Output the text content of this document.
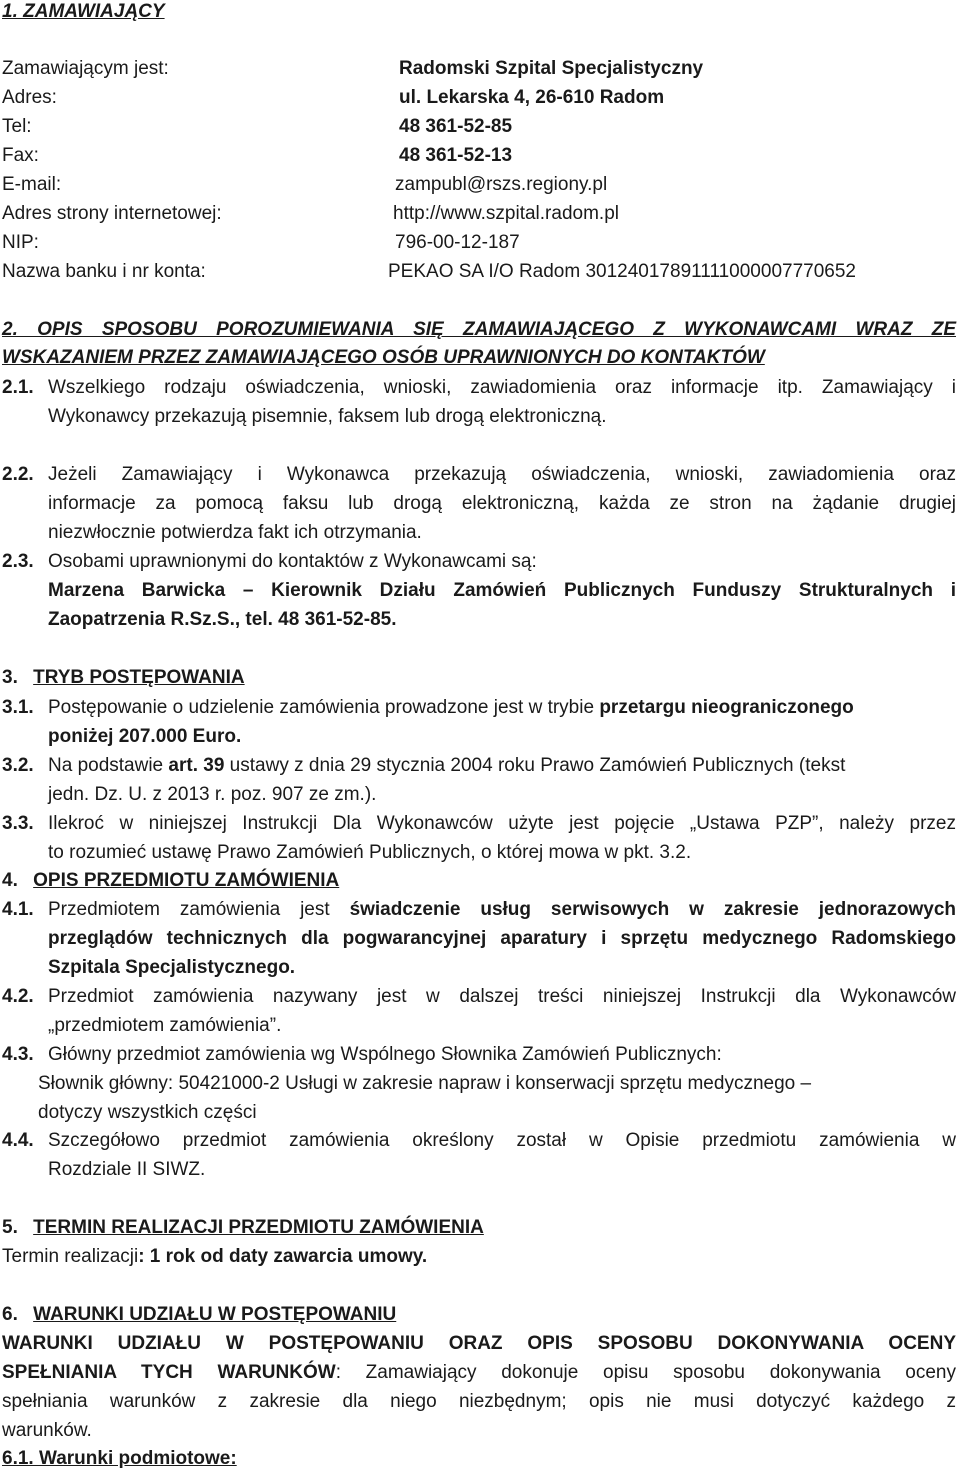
1. ZAMAWIAJĄCY
Zamawiającym jest:	Radomski Szpital Specjalistyczny
Adres:	ul. Lekarska 4, 26-610 Radom
Tel:	48 361-52-85
Fax:	48 361-52-13
E-mail:	zampubl@rszs.regiony.pl
Adres strony internetowej:	http://www.szpital.radom.pl
NIP:	796-00-12-187
Nazwa banku i nr konta:	PEKAO SA I/O Radom 30124017891111000007770652
2. OPIS SPOSOBU POROZUMIEWANIA SIĘ ZAMAWIAJĄCEGO Z WYKONAWCAMI WRAZ ZE
WSKAZANIEM PRZEZ ZAMAWIAJĄCEGO OSÓB UPRAWNIONYCH DO KONTAKTÓW
2.1. Wszelkiego rodzaju oświadczenia, wnioski, zawiadomienia oraz informacje itp. Zamawiający i
Wykonawcy przekazują pisemnie, faksem lub drogą elektroniczną.
2.2. Jeżeli Zamawiający i Wykonawca przekazują oświadczenia, wnioski, zawiadomienia oraz
informacje za pomocą faksu lub drogą elektroniczną, każda ze stron na żądanie drugiej
niezwłocznie potwierdza fakt ich otrzymania.
2.3. Osobami uprawnionymi do kontaktów z Wykonawcami są:
Marzena Barwicka – Kierownik Działu Zamówień Publicznych Funduszy Strukturalnych i
Zaopatrzenia R.Sz.S., tel. 48 361-52-85.
3. TRYB POSTĘPOWANIA
3.1. Postępowanie o udzielenie zamówienia prowadzone jest w trybie przetargu nieograniczonego
poniżej 207.000 Euro.
3.2. Na podstawie art. 39 ustawy z dnia 29 stycznia 2004 roku Prawo Zamówień Publicznych (tekst
jedn. Dz. U. z 2013 r. poz. 907 ze zm.).
3.3. Ilekroć w niniejszej Instrukcji Dla Wykonawców użyte jest pojęcie „Ustawa PZP”, należy przez
to rozumieć ustawę Prawo Zamówień Publicznych, o której mowa w pkt. 3.2.
4. OPIS PRZEDMIOTU ZAMÓWIENIA
4.1. Przedmiotem zamówienia jest świadczenie usług serwisowych w zakresie jednorazowych
przeglądów technicznych dla pogwarancyjnej aparatury i sprzętu medycznego Radomskiego
Szpitala Specjalistycznego.
4.2. Przedmiot zamówienia nazywany jest w dalszej treści niniejszej Instrukcji dla Wykonawców
„przedmiotem zamówienia”.
4.3. Główny przedmiot zamówienia wg Wspólnego Słownika Zamówień Publicznych:
Słownik główny: 50421000-2 Usługi w zakresie napraw i konserwacji sprzętu medycznego –
dotyczy wszystkich części
4.4. Szczegółowo przedmiot zamówienia określony został w Opisie przedmiotu zamówienia w
Rozdziale II SIWZ.
5. TERMIN REALIZACJI PRZEDMIOTU ZAMÓWIENIA
Termin realizacji: 1 rok od daty zawarcia umowy.
6. WARUNKI UDZIAŁU W POSTĘPOWANIU
WARUNKI UDZIAŁU W POSTĘPOWANIU ORAZ OPIS SPOSOBU DOKONYWANIA OCENY
SPEŁNIANIA TYCH WARUNKÓW: Zamawiający dokonuje opisu sposobu dokonywania oceny
spełniania warunków z zakresie dla niego niezbędnym; opis nie musi dotyczyć każdego z
warunków.
6.1. Warunki podmiotowe:
